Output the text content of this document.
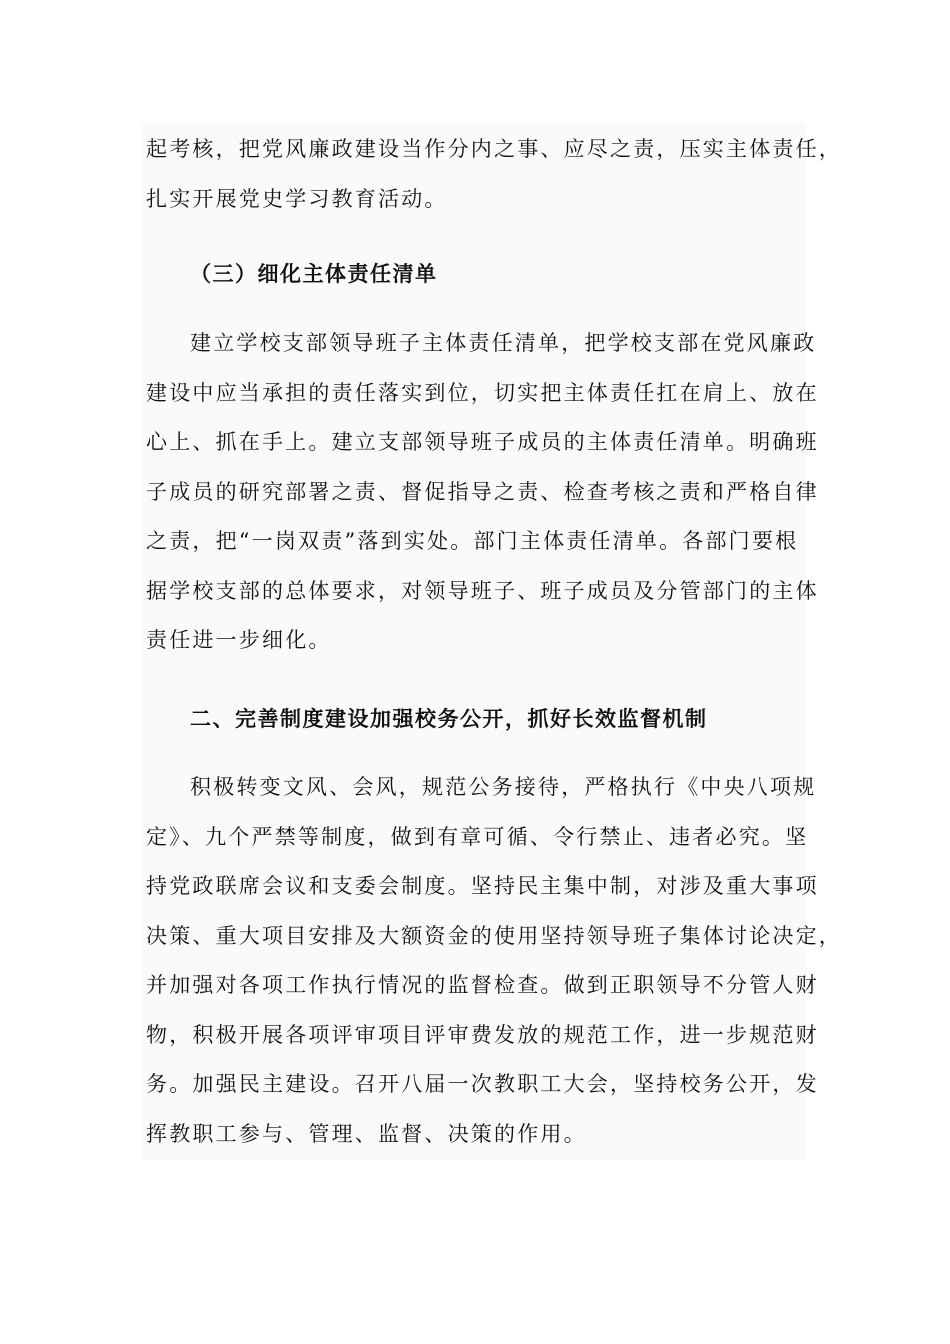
起考核，把党风廉政建设当作分内之事、应尽之责，压实主体责任，
扎实开展党史学习教育活动。
（三）细化主体责任清单
建立学校支部领导班子主体责任清单，把学校支部在党风廉政
建设中应当承担的责任落实到位，切实把主体责任扛在肩上、放在
心上、抓在手上。建立支部领导班子成员的主体责任清单。明确班
子成员的研究部署之责、督促指导之责、检查考核之责和严格自律
之责，把“一岗双责”落到实处。部门主体责任清单。各部门要根
据学校支部的总体要求，对领导班子、班子成员及分管部门的主体
责任进一步细化。
二、完善制度建设加强校务公开，抓好长效监督机制
积极转变文风、会风，规范公务接待，严格执行《中央八项规
定》、九个严禁等制度，做到有章可循、令行禁止、违者必究。坚
持党政联席会议和支委会制度。坚持民主集中制，对涉及重大事项
决策、重大项目安排及大额资金的使用坚持领导班子集体讨论决定，
并加强对各项工作执行情况的监督检查。做到正职领导不分管人财
物，积极开展各项评审项目评审费发放的规范工作，进一步规范财
务。加强民主建设。召开八届一次教职工大会，坚持校务公开，发
挥教职工参与、管理、监督、决策的作用。
